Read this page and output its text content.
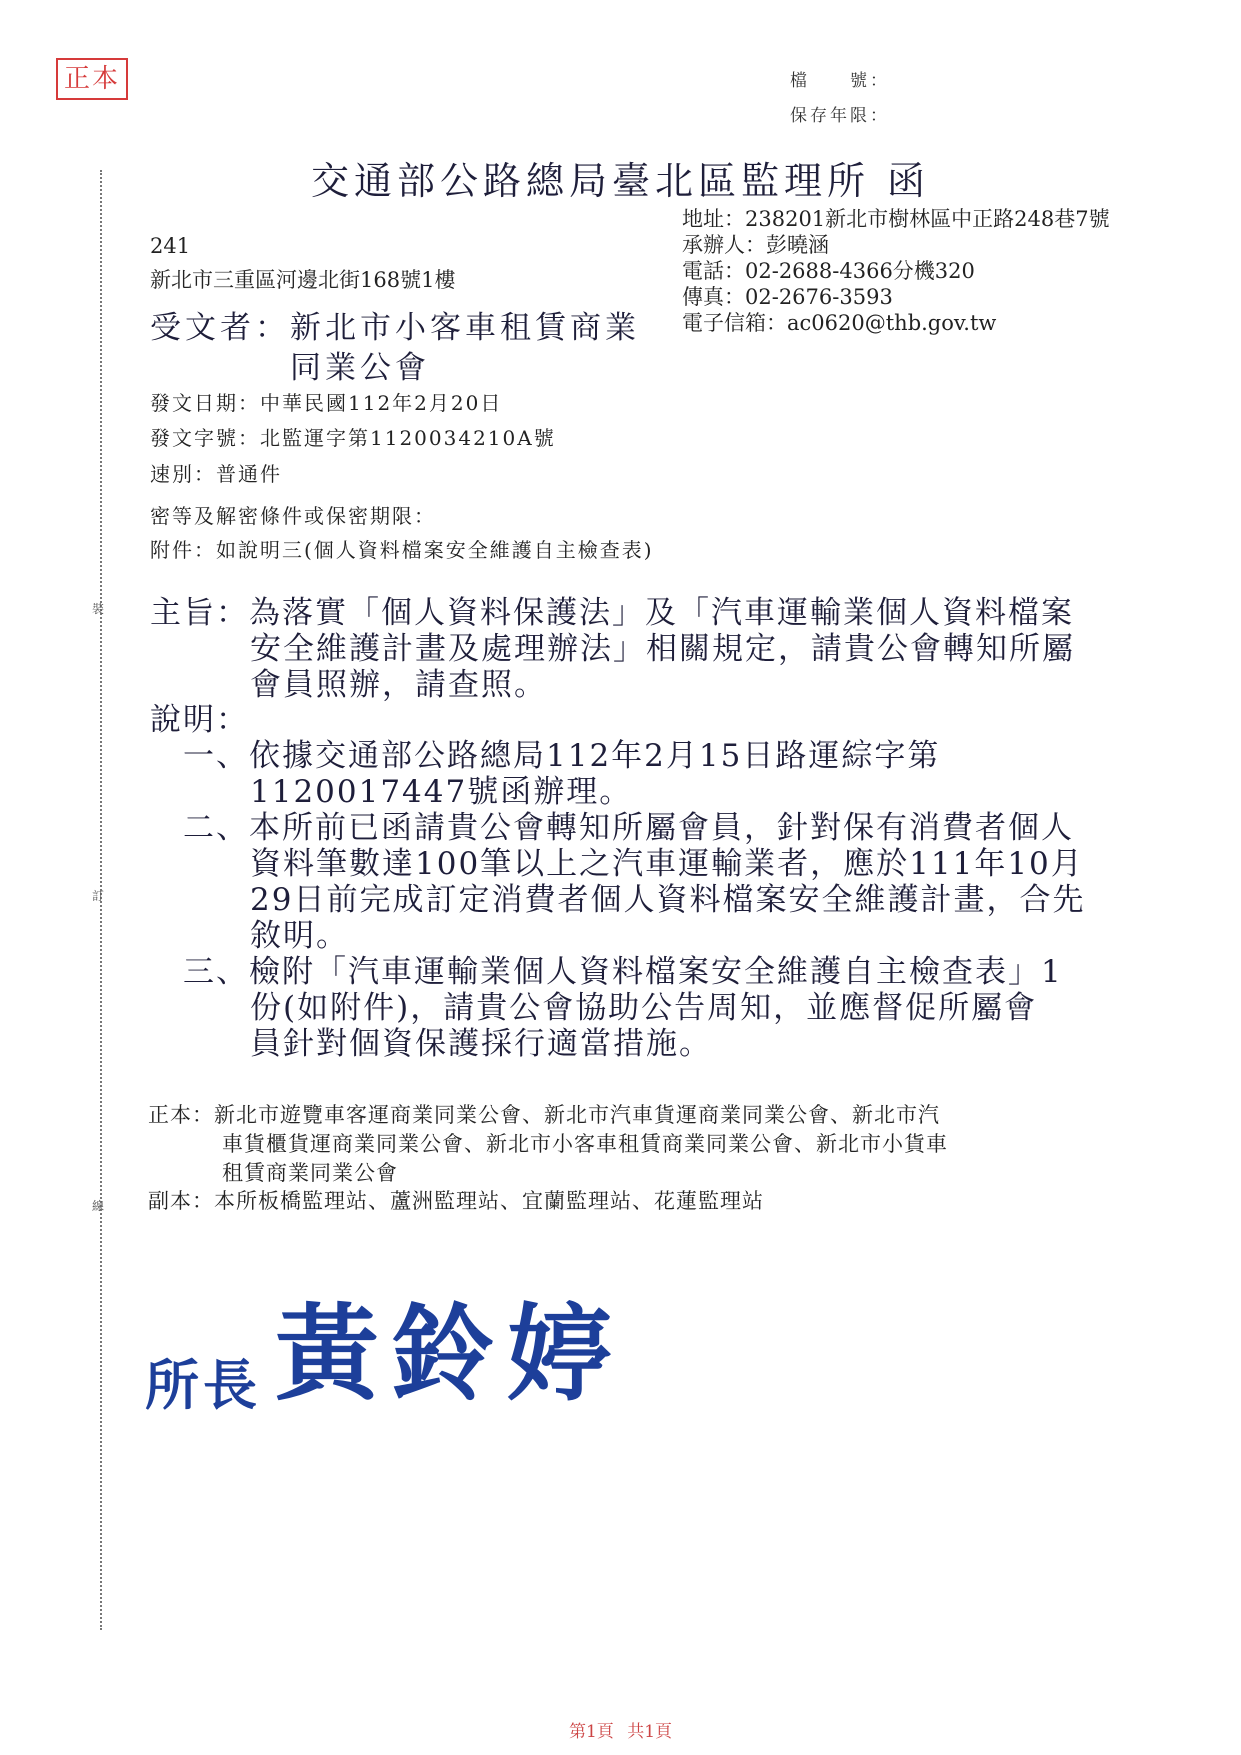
正本	檔　　號：
保存年限：
裝
訂
線
交通部公路總局臺北區監理所 函
地址：238201新北市樹林區中正路248巷7號
承辦人：彭曉涵
電話：02-2688-4366分機320
傳真：02-2676-3593
電子信箱：ac0620@thb.gov.tw
241
新北市三重區河邊北街168號1樓
受文者：新北市小客車租賃商業
同業公會
發文日期：中華民國112年2月20日
發文字號：北監運字第1120034210A號
速別：普通件
密等及解密條件或保密期限：
附件：如說明三(個人資料檔案安全維護自主檢查表)
主旨：為落實「個人資料保護法」及「汽車運輸業個人資料檔案
安全維護計畫及處理辦法」相關規定，請貴公會轉知所屬
會員照辦，請查照。
說明：
一、依據交通部公路總局112年2月15日路運綜字第
1120017447號函辦理。
二、本所前已函請貴公會轉知所屬會員，針對保有消費者個人
資料筆數達100筆以上之汽車運輸業者，應於111年10月
29日前完成訂定消費者個人資料檔案安全維護計畫，合先
敘明。
三、檢附「汽車運輸業個人資料檔案安全維護自主檢查表」1
份(如附件)，請貴公會協助公告周知，並應督促所屬會
員針對個資保護採行適當措施。
正本：新北市遊覽車客運商業同業公會、新北市汽車貨運商業同業公會、新北市汽
車貨櫃貨運商業同業公會、新北市小客車租賃商業同業公會、新北市小貨車
租賃商業同業公會
副本：本所板橋監理站、蘆洲監理站、宜蘭監理站、花蓮監理站
所長 黃鈴婷
第1頁 共1頁
